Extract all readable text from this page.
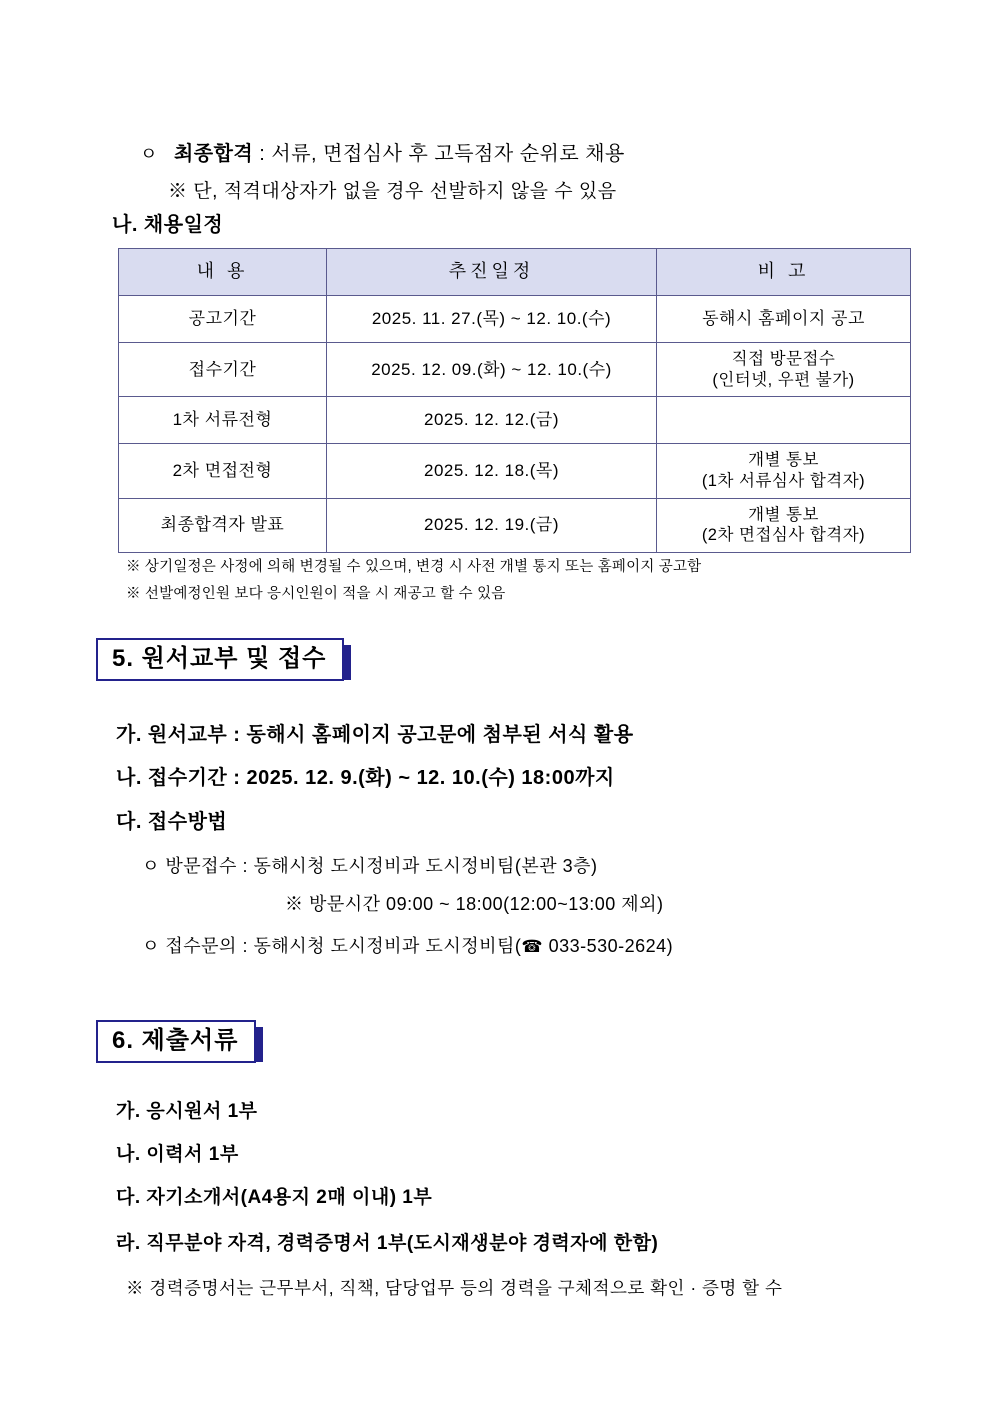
ㅇ 최종합격 : 서류, 면접심사 후 고득점자 순위로 채용
※ 단, 적격대상자가 없을 경우 선발하지 않을 수 있음
나. 채용일정
내 용	추진일정	비 고
공고기간	2025. 11. 27.(목) ~ 12. 10.(수)	동해시 홈페이지 공고
접수기간	2025. 12. 09.(화) ~ 12. 10.(수)	직접 방문접수
(인터넷, 우편 불가)

1차 서류전형	2025. 12. 12.(금)	
2차 면접전형	2025. 12. 18.(목)	개별 통보
(1차 서류심사 합격자)

최종합격자 발표	2025. 12. 19.(금)	개별 통보
(2차 면접심사 합격자)
※ 상기일정은 사정에 의해 변경될 수 있으며, 변경 시 사전 개별 통지 또는 홈페이지 공고함
※ 선발예정인원 보다 응시인원이 적을 시 재공고 할 수 있음
5. 원서교부 및 접수
가. 원서교부 : 동해시 홈페이지 공고문에 첨부된 서식 활용
나. 접수기간 : 2025. 12. 9.(화) ~ 12. 10.(수) 18:00까지
다. 접수방법
ㅇ 방문접수 : 동해시청 도시정비과 도시정비팀(본관 3층)
※ 방문시간 09:00 ~ 18:00(12:00~13:00 제외)
ㅇ 접수문의 : 동해시청 도시정비과 도시정비팀(☎ 033-530-2624)
6. 제출서류
가. 응시원서 1부
나. 이력서 1부
다. 자기소개서(A4용지 2매 이내) 1부
라. 직무분야 자격, 경력증명서 1부(도시재생분야 경력자에 한함)
※ 경력증명서는 근무부서, 직책, 담당업무 등의 경력을 구체적으로 확인 · 증명 할 수
